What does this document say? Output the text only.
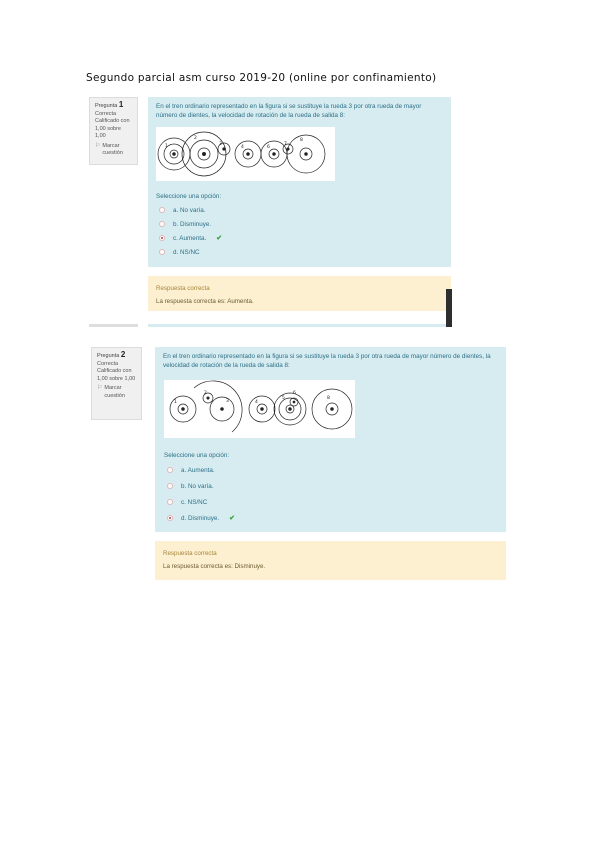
Segundo parcial asm curso 2019-20 (online por confinamiento)
Pregunta 1
Correcta
Calificado con
1,00 sobre 1,00
⚐ Marcar
cuestión
En el tren ordinario representado en la figura si se sustituye la rueda 3 por otra rueda de mayor número de dientes, la velocidad de rotación de la rueda de salida 8:
1
2
3
4	6
7
8
Seleccione una opción:
a. No varía.
b. Disminuye.
c. Aumenta. ✔
d. NS/NC
Respuesta correcta
La respuesta correcta es: Aumenta.
Pregunta 2
Correcta
Calificado con
1,00 sobre 1,00
⚐ Marcar
cuestión
En el tren ordinario representado en la figura si se sustituye la rueda 3 por otra rueda de mayor número de dientes, la velocidad de rotación de la rueda de salida 8:
1
2
3	4
5
6
8
Seleccione una opción:
a. Aumenta.
b. No varía.
c. NS/NC
d. Disminuye. ✔
Respuesta correcta
La respuesta correcta es: Disminuye.
